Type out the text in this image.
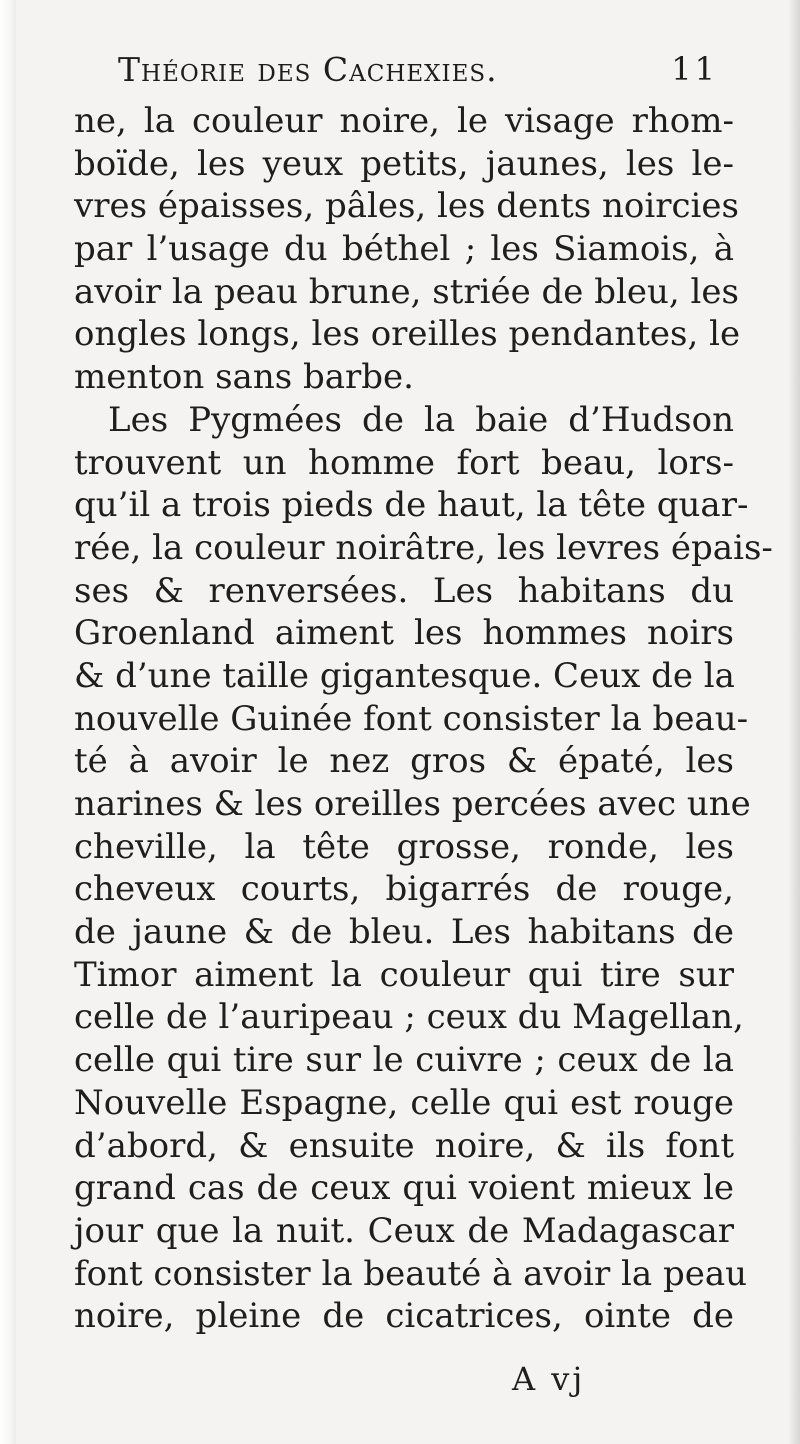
Théorie des Cachexies.	11
ne, la couleur noire, le visage rhom-
boïde, les yeux petits, jaunes, les le-
vres épaisses, pâles, les dents noircies
par l’usage du béthel ; les Siamois, à
avoir la peau brune, striée de bleu, les
ongles longs, les oreilles pendantes, le
menton sans barbe.
Les Pygmées de la baie d’Hudson
trouvent un homme fort beau, lors-
qu’il a trois pieds de haut, la tête quar-
rée, la couleur noirâtre, les levres épais-
ses & renversées. Les habitans du
Groenland aiment les hommes noirs
& d’une taille gigantesque. Ceux de la
nouvelle Guinée font consister la beau-
té à avoir le nez gros & épaté, les
narines & les oreilles percées avec une
cheville, la tête grosse, ronde, les
cheveux courts, bigarrés de rouge,
de jaune & de bleu. Les habitans de
Timor aiment la couleur qui tire sur
celle de l’auripeau ; ceux du Magellan,
celle qui tire sur le cuivre ; ceux de la
Nouvelle Espagne, celle qui est rouge
d’abord, & ensuite noire, & ils font
grand cas de ceux qui voient mieux le
jour que la nuit. Ceux de Madagascar
font consister la beauté à avoir la peau
noire, pleine de cicatrices, ointe de
A vj
